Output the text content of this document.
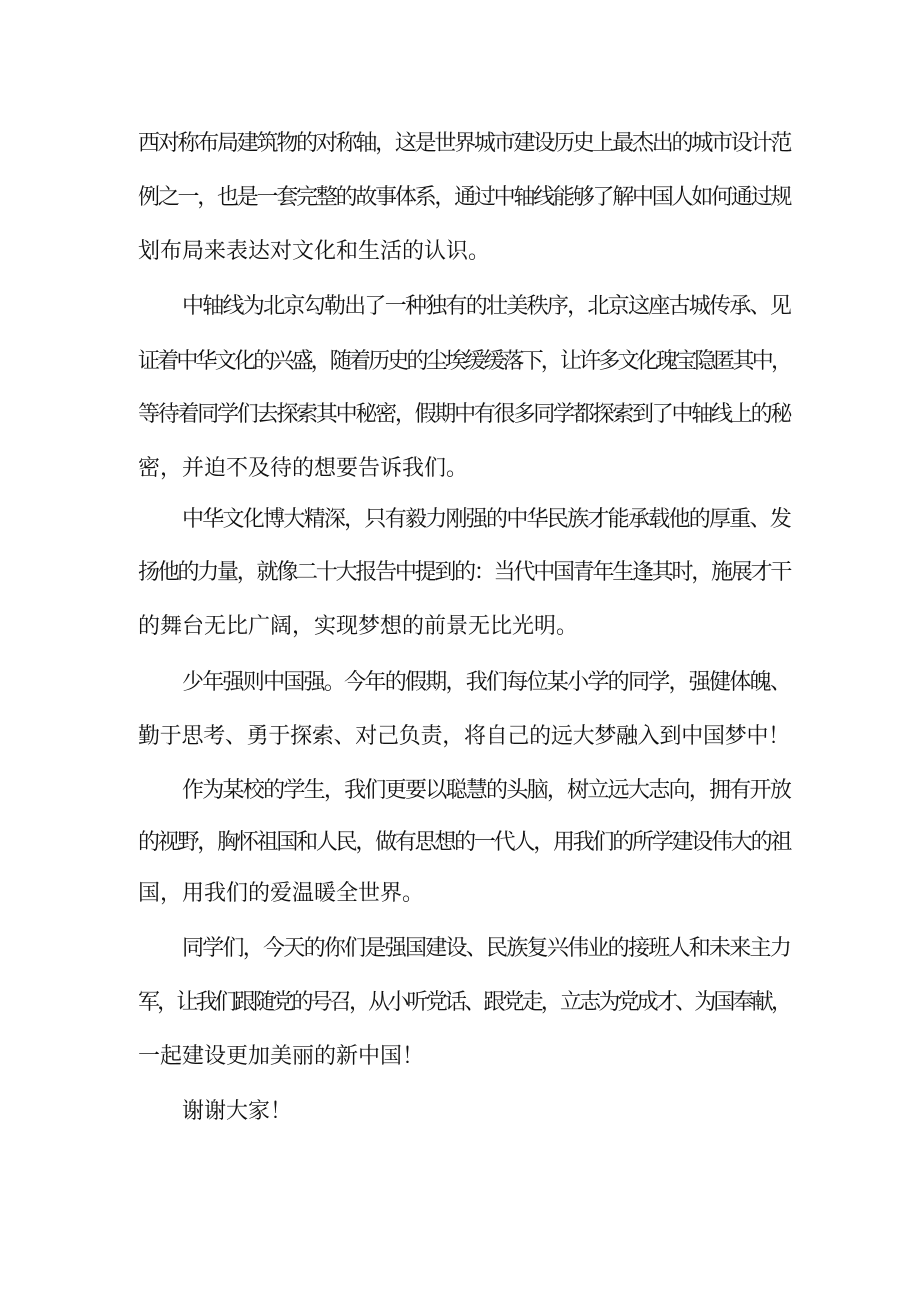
西对称布局建筑物的对称轴，这是世界城市建设历史上最杰出的城市设计范
例之一，也是一套完整的故事体系，通过中轴线能够了解中国人如何通过规
划布局来表达对文化和生活的认识。
中轴线为北京勾勒出了一种独有的壮美秩序，北京这座古城传承、见
证着中华文化的兴盛，随着历史的尘埃缓缓落下，让许多文化瑰宝隐匿其中，
等待着同学们去探索其中秘密，假期中有很多同学都探索到了中轴线上的秘
密，并迫不及待的想要告诉我们。
中华文化博大精深，只有毅力刚强的中华民族才能承载他的厚重、发
扬他的力量，就像二十大报告中提到的：当代中国青年生逢其时，施展才干
的舞台无比广阔，实现梦想的前景无比光明。
少年强则中国强。今年的假期，我们每位某小学的同学，强健体魄、
勤于思考、勇于探索、对己负责，将自己的远大梦融入到中国梦中！
作为某校的学生，我们更要以聪慧的头脑，树立远大志向，拥有开放
的视野，胸怀祖国和人民，做有思想的一代人，用我们的所学建设伟大的祖
国，用我们的爱温暖全世界。
同学们，今天的你们是强国建设、民族复兴伟业的接班人和未来主力
军，让我们跟随党的号召，从小听党话、跟党走，立志为党成才、为国奉献，
一起建设更加美丽的新中国！
谢谢大家！
